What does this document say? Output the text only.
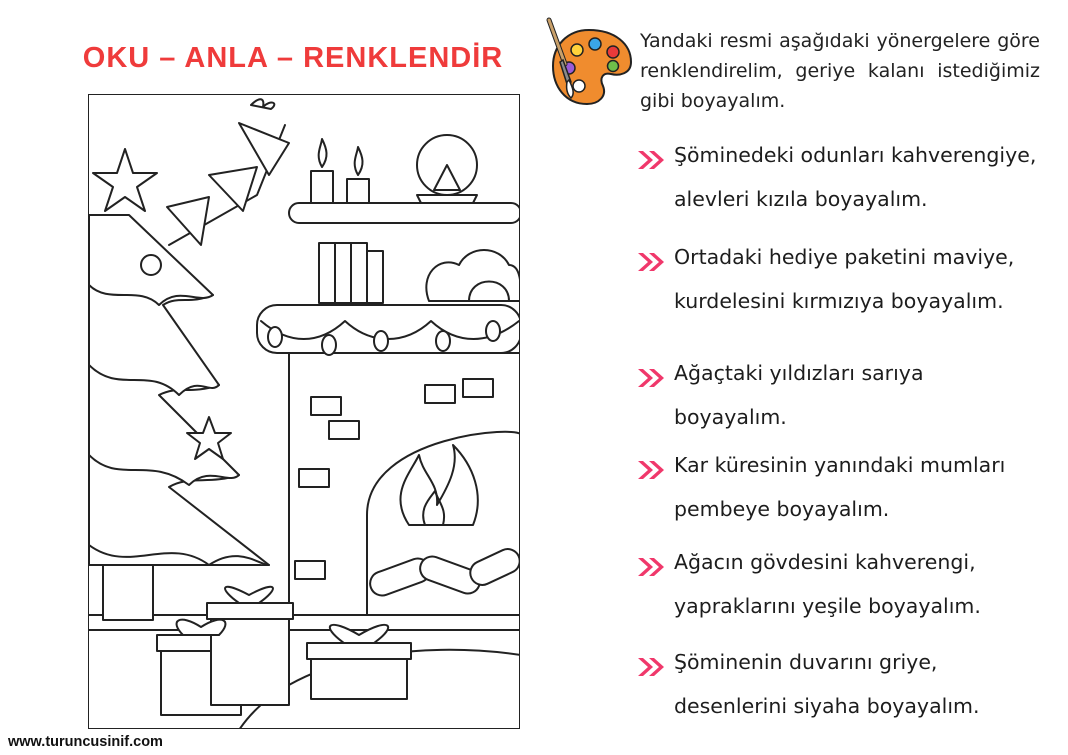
OKU – ANLA – RENKLENDİR
Yandaki resmi aşağıdaki yönergelere göre renklendirelim, geriye kalanı istediğimiz gibi boyayalım.
Şöminedeki odunları kahverengiye,
alevleri kızıla boyayalım.
Ortadaki hediye paketini maviye,
kurdelesini kırmızıya boyayalım.
Ağaçtaki yıldızları sarıya
boyayalım.
Kar küresinin yanındaki mumları
pembeye boyayalım.
Ağacın gövdesini kahverengi,
yapraklarını yeşile boyayalım.
Şöminenin duvarını griye,
desenlerini siyaha boyayalım.
www.turuncusinif.com
